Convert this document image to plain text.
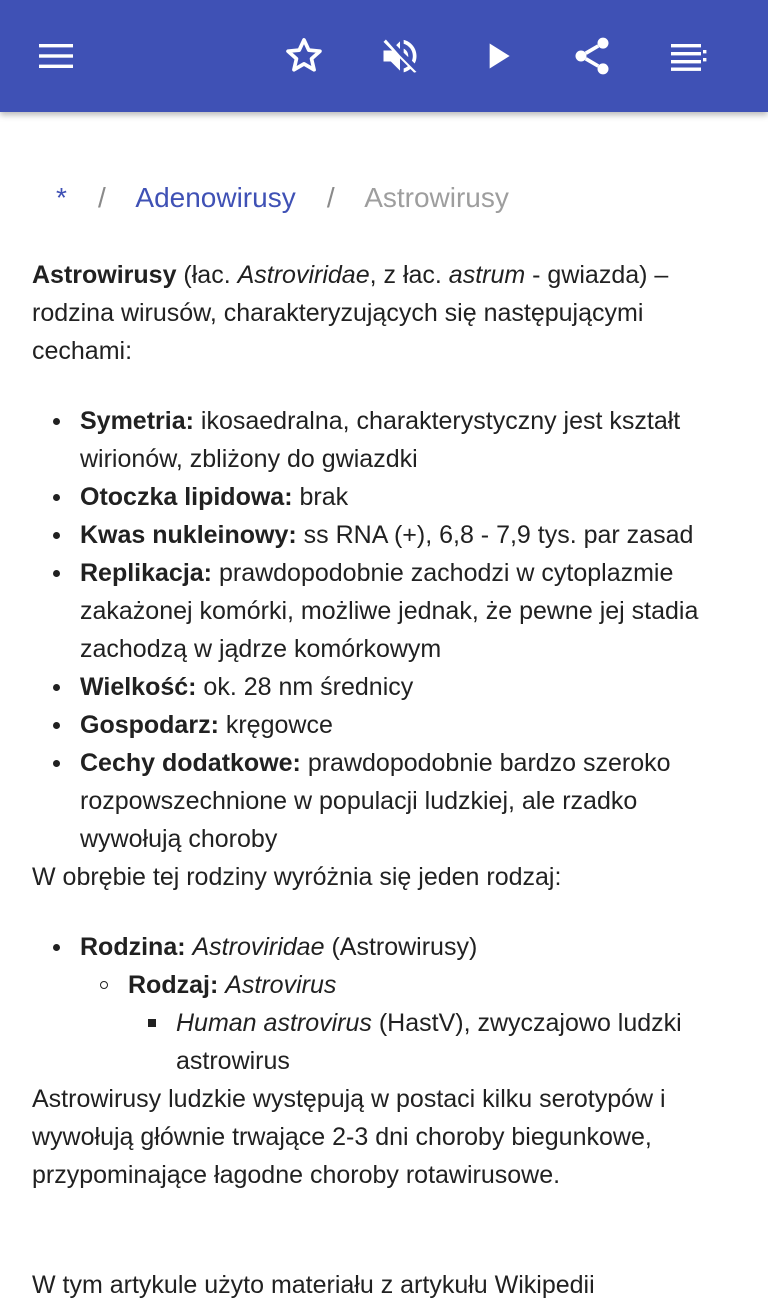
* / Adenowirusy / Astrowirusy

Astrowirusy (łac. Astroviridae, z łac. astrum - gwiazda) – rodzina wirusów, charakteryzujących się następującymi cechami:

Symetria: ikosaedralna, charakterystyczny jest kształt wirionów, zbliżony do gwiazdki
Otoczka lipidowa: brak
Kwas nukleinowy: ss RNA (+), 6,8 - 7,9 tys. par zasad
Replikacja: prawdopodobnie zachodzi w cytoplazmie zakażonej komórki, możliwe jednak, że pewne jej stadia zachodzą w jądrze komórkowym
Wielkość: ok. 28 nm średnicy
Gospodarz: kręgowce
Cechy dodatkowe: prawdopodobnie bardzo szeroko rozpowszechnione w populacji ludzkiej, ale rzadko wywołują choroby

W obrębie tej rodziny wyróżnia się jeden rodzaj:

Rodzina: Astroviridae (Astrowirusy)
Rodzaj: Astrovirus
Human astrovirus (HastV), zwyczajowo ludzki astrowirus

Astrowirusy ludzkie występują w postaci kilku serotypów i wywołują głównie trwające 2-3 dni choroby biegunkowe, przypominające łagodne choroby rotawirusowe.

W tym artykule użyto materiału z artykułu Wikipedii
